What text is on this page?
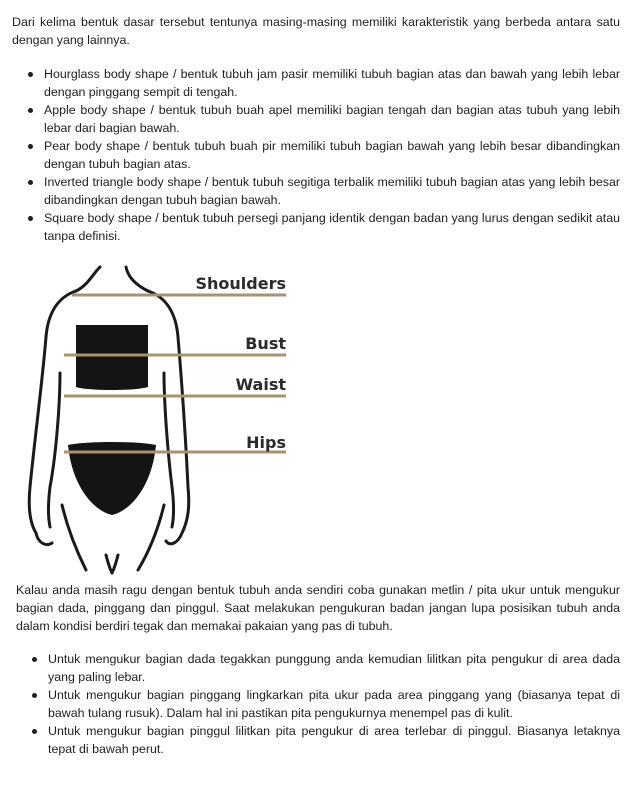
Dari kelima bentuk dasar tersebut tentunya masing-masing memiliki karakteristik yang berbeda antara satu dengan yang lainnya.

Hourglass body shape / bentuk tubuh jam pasir memiliki tubuh bagian atas dan bawah yang lebih lebar dengan pinggang sempit di tengah.
Apple body shape / bentuk tubuh buah apel memiliki bagian tengah dan bagian atas tubuh yang lebih lebar dari bagian bawah.
Pear body shape / bentuk tubuh buah pir memiliki tubuh bagian bawah yang lebih besar dibandingkan dengan tubuh bagian atas.
Inverted triangle body shape / bentuk tubuh segitiga terbalik memiliki tubuh bagian atas yang lebih besar dibandingkan dengan tubuh bagian bawah.
Square body shape / bentuk tubuh persegi panjang identik dengan badan yang lurus dengan sedikit atau tanpa definisi.
Shoulders
Bust
Waist
Hips

Kalau anda masih ragu dengan bentuk tubuh anda sendiri coba gunakan metlin / pita ukur untuk mengukur bagian dada, pinggang dan pinggul. Saat melakukan pengukuran badan jangan lupa posisikan tubuh anda dalam kondisi berdiri tegak dan memakai pakaian yang pas di tubuh.

Untuk mengukur bagian dada tegakkan punggung anda kemudian lilitkan pita pengukur di area dada yang paling lebar.
Untuk mengukur bagian pinggang lingkarkan pita ukur pada area pinggang yang (biasanya tepat di bawah tulang rusuk). Dalam hal ini pastikan pita pengukurnya menempel pas di kulit.
Untuk mengukur bagian pinggul lilitkan pita pengukur di area terlebar di pinggul. Biasanya letaknya tepat di bawah perut.
